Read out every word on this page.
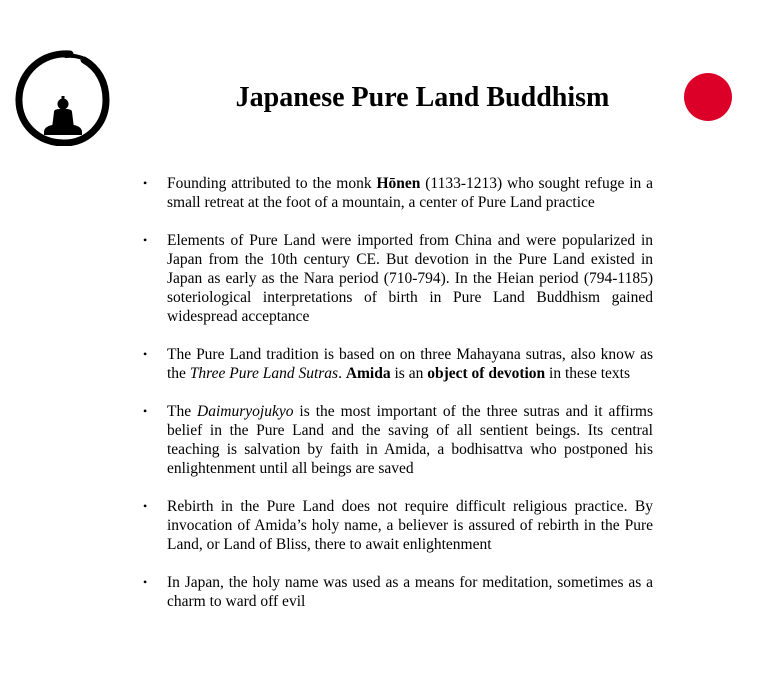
Japanese Pure Land Buddhism
• Founding attributed to the monk Hōnen (1133-1213) who sought refuge in a small retreat at the foot of a mountain, a center of Pure Land practice
• Elements of Pure Land were imported from China and were popularized in Japan from the 10th century CE. But devotion in the Pure Land existed in Japan as early as the Nara period (710-794). In the Heian period (794-1185) soteriological interpretations of birth in Pure Land Buddhism gained widespread acceptance
• The Pure Land tradition is based on on three Mahayana sutras, also know as the Three Pure Land Sutras. Amida is an object of devotion in these texts
• The Daimuryojukyo is the most important of the three sutras and it affirms belief in the Pure Land and the saving of all sentient beings. Its central teaching is salvation by faith in Amida, a bodhisattva who postponed his enlightenment until all beings are saved
• Rebirth in the Pure Land does not require difficult religious practice. By invocation of Amida’s holy name, a believer is assured of rebirth in the Pure Land, or Land of Bliss, there to await enlightenment
• In Japan, the holy name was used as a means for meditation, sometimes as a charm to ward off evil
